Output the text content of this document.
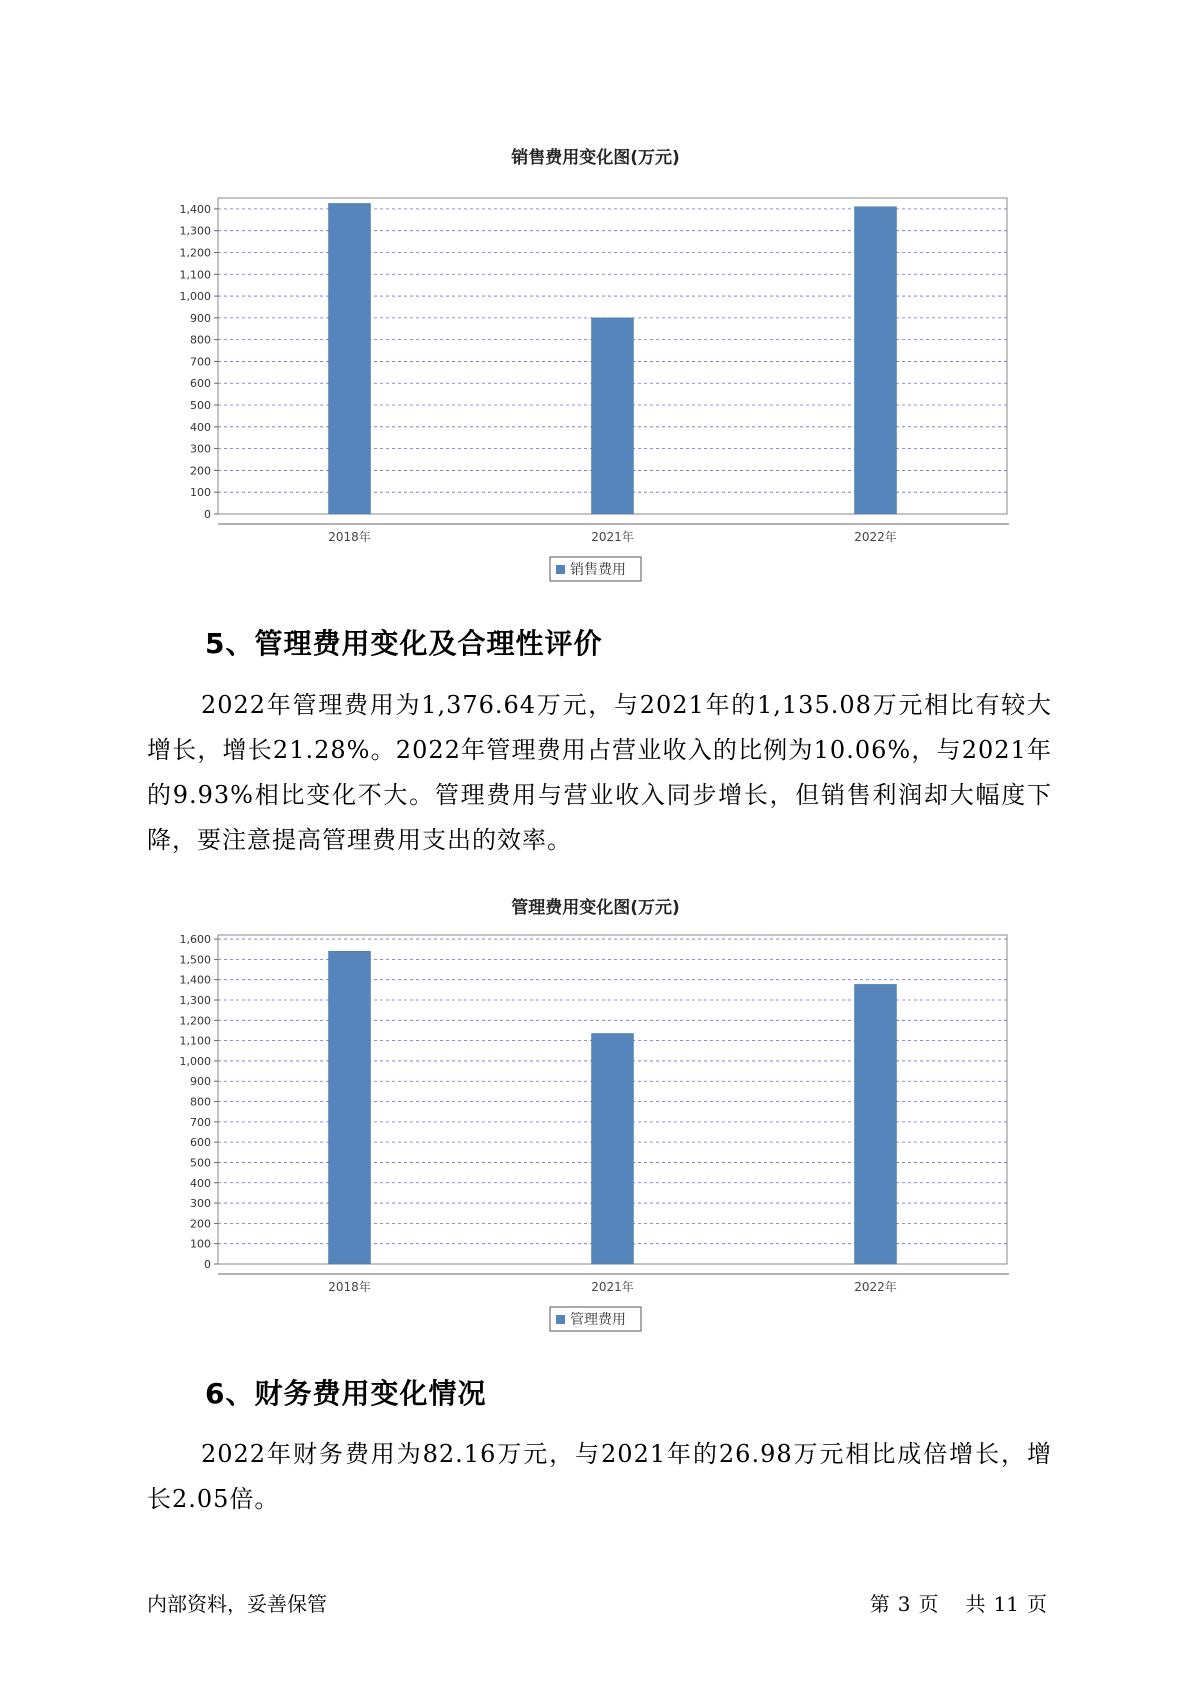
销售费用变化图(万元)
0
100
200
300
400
500
600
700
800
900
1,000
1,100
1,200
1,300
1,400
2018年	2021年	2022年
销售费用
5、管理费用变化及合理性评价

2022年管理费用为1,376.64万元，与2021年的1,135.08万元相比有较大增长，增长21.28%。2022年管理费用占营业收入的比例为10.06%，与2021年的9.93%相比变化不大。管理费用与营业收入同步增长，但销售利润却大幅度下降，要注意提高管理费用支出的效率。

管理费用变化图(万元)
0
100
200
300
400
500
600
700
800
900
1,000
1,100
1,200
1,300
1,400
1,500
1,600
2018年	2021年	2022年
管理费用
6、财务费用变化情况

2022年财务费用为82.16万元，与2021年的26.98万元相比成倍增长，增长2.05倍。

内部资料，妥善保管	第 3 页 共 11 页
